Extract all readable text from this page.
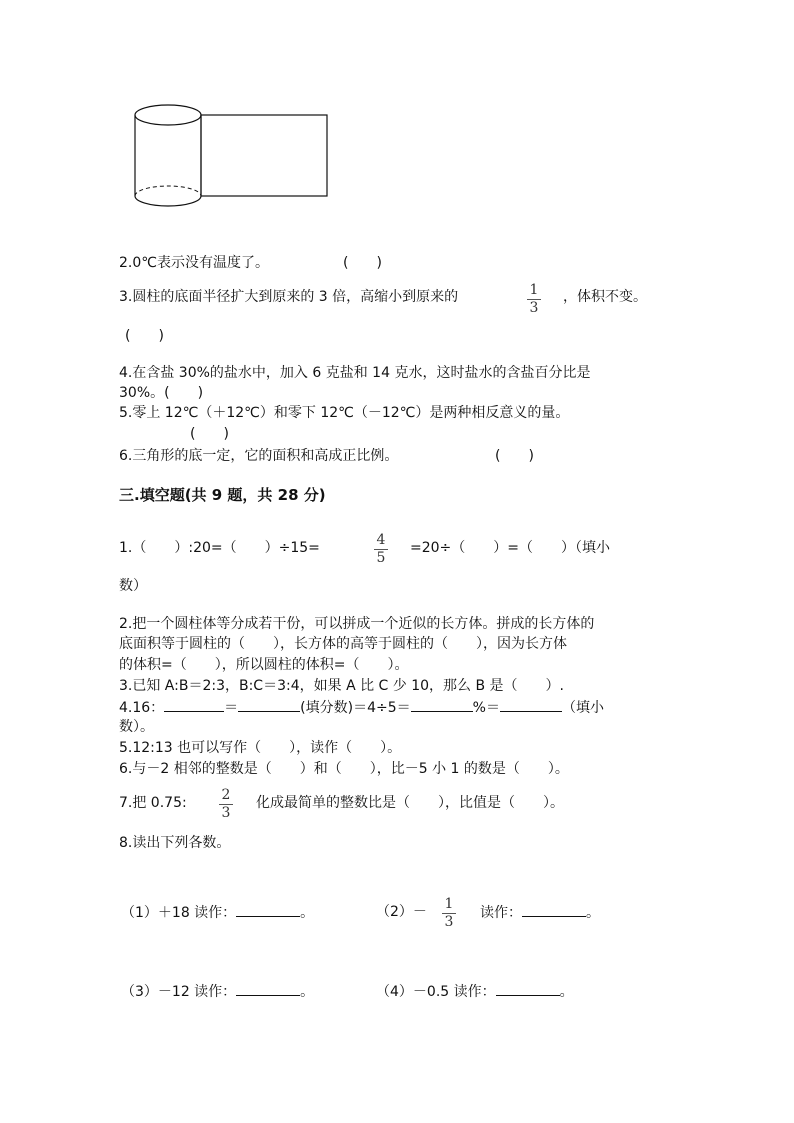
2.0℃表示没有温度了。	(　　)
3.圆柱的底面半径扩大到原来的 3 倍，高缩小到原来的	1
3
，体积不变。
(　　)
4.在含盐 30%的盐水中，加入 6 克盐和 14 克水，这时盐水的含盐百分比是
30%。(　　)
5.零上 12℃（＋12℃）和零下 12℃（－12℃）是两种相反意义的量。
(　　)
6.三角形的底一定，它的面积和高成正比例。	(　　)
三.填空题(共 9 题，共 28 分)
1.（　　）:20=（　　）÷15=	4
5
=20÷（　　）=（　　）（填小
数）
2.把一个圆柱体等分成若干份，可以拼成一个近似的长方体。拼成的长方体的
底面积等于圆柱的（　　），长方体的高等于圆柱的（　　），因为长方体
的体积=（　　），所以圆柱的体积=（　　）。
3.已知 A:B＝2:3，B:C＝3:4，如果 A 比 C 少 10，那么 B 是（　　）.
4.16：	＝	(填分数)＝4÷5＝	%＝	（填小
数）。
5.12:13 也可以写作（　　），读作（　　）。
6.与－2 相邻的整数是（　　）和（　　），比－5 小 1 的数是（　　）。
7.把 0.75: 2
3
化成最简单的整数比是（　　），比值是（　　）。
8.读出下列各数。
（1）＋18 读作：	。	（2）－ 1
3
读作：	。
（3）－12 读作：	。	（4）－0.5 读作：	。
